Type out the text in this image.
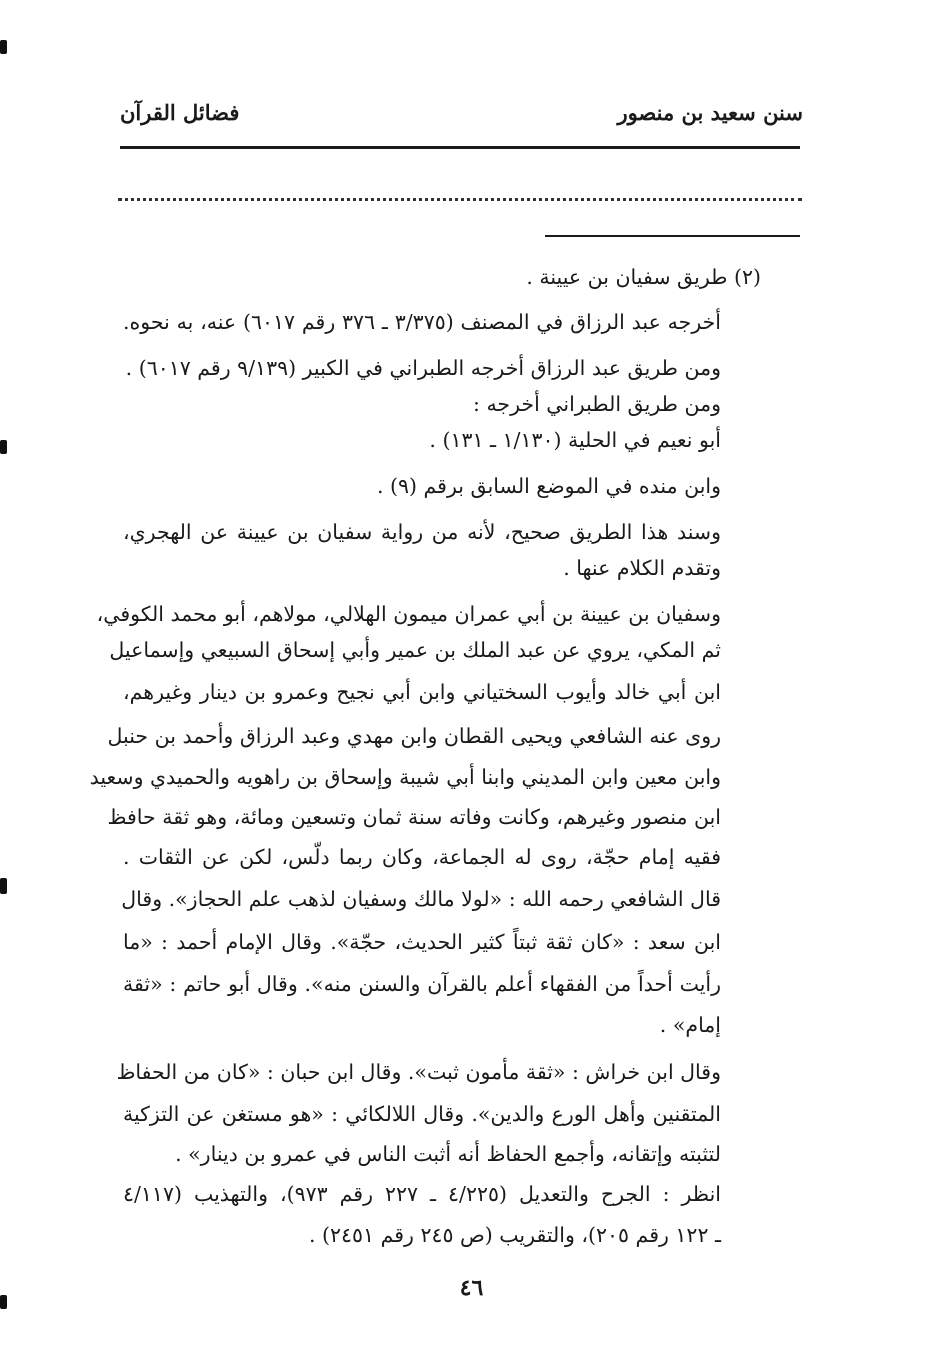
سنن سعيد بن منصور
فضائل القرآن
(٢) طريق سفيان بن عيينة .
أخرجه عبد الرزاق في المصنف (٣/٣٧٥ ـ ٣٧٦ رقم ٦٠١٧) عنه، به نحوه.
ومن طريق عبد الرزاق أخرجه الطبراني في الكبير (٩/١٣٩ رقم ٦٠١٧) .
ومن طريق الطبراني أخرجه :
أبو نعيم في الحلية (١/١٣٠ ـ ١٣١) .
وابن منده في الموضع السابق برقم (٩) .
وسند هذا الطريق صحيح، لأنه من رواية سفيان بن عيينة عن الهجري،
وتقدم الكلام عنها .
وسفيان بن عيينة بن أبي عمران ميمون الهلالي، مولاهم، أبو محمد الكوفي،
ثم المكي، يروي عن عبد الملك بن عمير وأبي إسحاق السبيعي وإسماعيل
ابن أبي خالد وأيوب السختياني وابن أبي نجيح وعمرو بن دينار وغيرهم،
روى عنه الشافعي ويحيى القطان وابن مهدي وعبد الرزاق وأحمد بن حنبل
وابن معين وابن المديني وابنا أبي شيبة وإسحاق بن راهويه والحميدي وسعيد
ابن منصور وغيرهم، وكانت وفاته سنة ثمان وتسعين ومائة، وهو ثقة حافظ
فقيه إمام حجّة، روى له الجماعة، وكان ربما دلّس، لكن عن الثقات .
قال الشافعي رحمه الله : «لولا مالك وسفيان لذهب علم الحجاز». وقال
ابن سعد : «كان ثقة ثبتاً كثير الحديث، حجّة». وقال الإمام أحمد : «ما
رأيت أحداً من الفقهاء أعلم بالقرآن والسنن منه». وقال أبو حاتم : «ثقة
إمام» .
وقال ابن خراش : «ثقة مأمون ثبت». وقال ابن حبان : «كان من الحفاظ
المتقنين وأهل الورع والدين». وقال اللالكائي : «هو مستغن عن التزكية
لتثبته وإتقانه، وأجمع الحفاظ أنه أثبت الناس في عمرو بن دينار» .
انظر : الجرح والتعديل (٤/٢٢٥ ـ ٢٢٧ رقم ٩٧٣)، والتهذيب (٤/١١٧
ـ ١٢٢ رقم ٢٠٥)، والتقريب (ص ٢٤٥ رقم ٢٤٥١) .
٤٦
